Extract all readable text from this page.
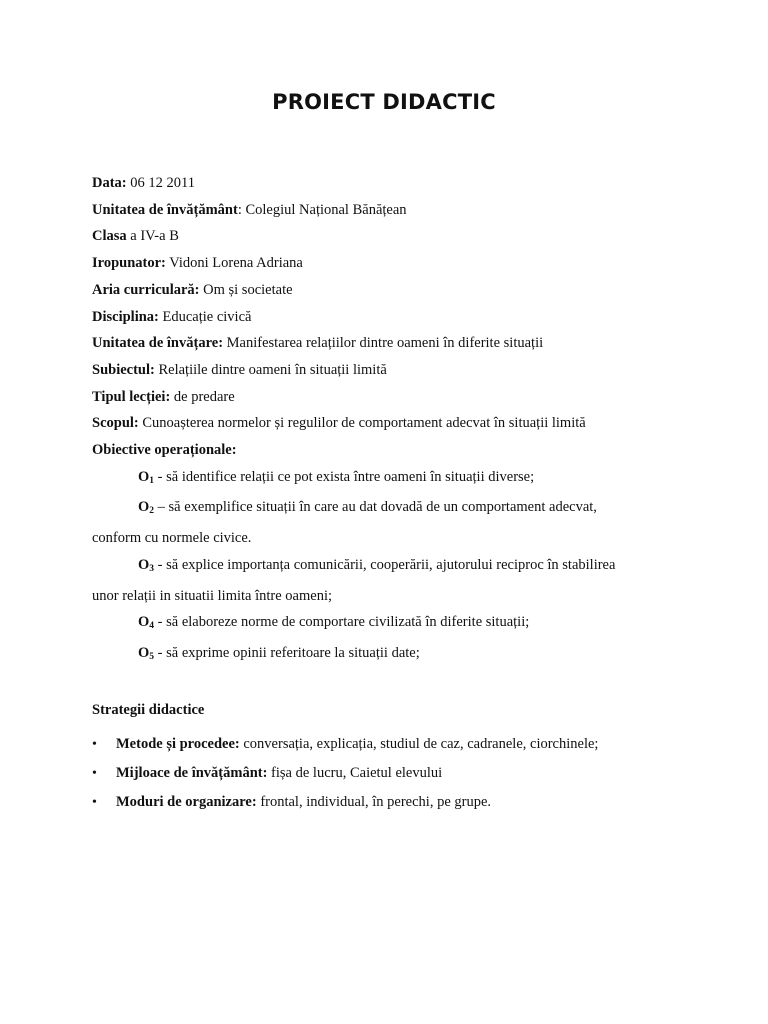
PROIECT DIDACTIC
Data: 06 12 2011
Unitatea de învățământ: Colegiul Național Bănățean
Clasa a IV-a B
Iropunator: Vidoni Lorena Adriana
Aria curriculară: Om și societate
Disciplina: Educație civică
Unitatea de învățare: Manifestarea relațiilor dintre oameni în diferite situații
Subiectul: Relațiile dintre oameni în situații limită
Tipul lecției: de predare
Scopul: Cunoașterea normelor și regulilor de comportament adecvat în situații limită
Obiective operaționale:
$O_1$ - să identifice relații ce pot exista între oameni în situații diverse;
$O_2$ – să exemplifice situații în care au dat dovadă de un comportament adecvat,
conform cu normele civice.
$O_3$ - să explice importanța comunicării, cooperării, ajutorului reciproc în stabilirea
unor relații in situatii limita între oameni;
$O_4$ - să elaboreze norme de comportare civilizată în diferite situații;
$O_5$ - să exprime opinii referitoare la situații date;
Strategii didactice
•	Metode și procedee: conversația, explicația, studiul de caz, cadranele, ciorchinele;
•	Mijloace de învățământ: fișa de lucru, Caietul elevului
•	Moduri de organizare: frontal, individual, în perechi, pe grupe.
